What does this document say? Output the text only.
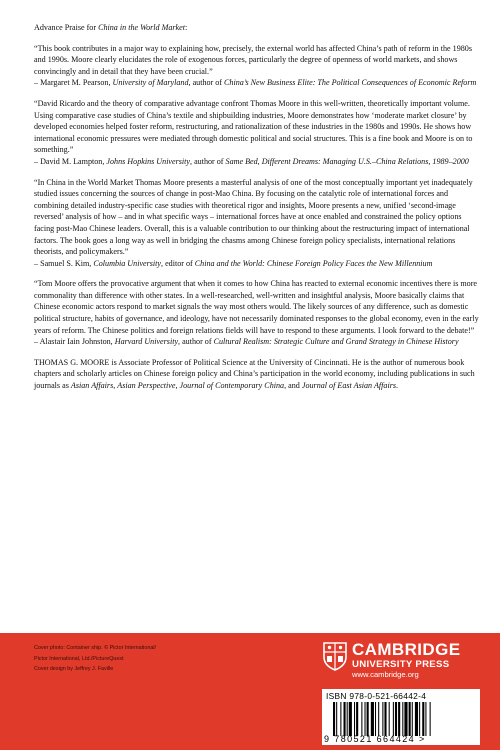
Advance Praise for China in the World Market:
“This book contributes in a major way to explaining how, precisely, the external world has affected China’s path of reform in the 1980s and 1990s. Moore clearly elucidates the role of exogenous forces, particularly the degree of openness of world markets, and shows convincingly and in detail that they have been crucial.”
– Margaret M. Pearson, University of Maryland, author of China’s New Business Elite: The Political Consequences of Economic Reform
“David Ricardo and the theory of comparative advantage confront Thomas Moore in this well-written, theoretically important volume. Using comparative case studies of China’s textile and shipbuilding industries, Moore demonstrates how ‘moderate market closure’ by developed economies helped foster reform, restructuring, and rationalization of these industries in the 1980s and 1990s. He shows how international economic pressures were mediated through domestic political and social structures. This is a fine book and Moore is on to something.”
– David M. Lampton, Johns Hopkins University, author of Same Bed, Different Dreams: Managing U.S.–China Relations, 1989–2000
“In China in the World Market Thomas Moore presents a masterful analysis of one of the most conceptually important yet inadequately studied issues concerning the sources of change in post-Mao China. By focusing on the catalytic role of international forces and combining detailed industry-specific case studies with theoretical rigor and insights, Moore presents a new, unified ‘second-image reversed’ analysis of how – and in what specific ways – international forces have at once enabled and constrained the policy options facing post-Mao Chinese leaders. Overall, this is a valuable contribution to our thinking about the restructuring impact of international factors. The book goes a long way as well in bridging the chasms among Chinese foreign policy specialists, international relations theorists, and policymakers.”
– Samuel S. Kim, Columbia University, editor of China and the World: Chinese Foreign Policy Faces the New Millennium
“Tom Moore offers the provocative argument that when it comes to how China has reacted to external economic incentives there is more commonality than difference with other states. In a well-researched, well-written and insightful analysis, Moore basically claims that Chinese economic actors respond to market signals the way most others would. The likely sources of any difference, such as domestic political structure, habits of governance, and ideology, have not necessarily dominated responses to the global economy, even in the early years of reform. The Chinese politics and foreign relations fields will have to respond to these arguments. I look forward to the debate!”
– Alastair Iain Johnston, Harvard University, author of Cultural Realism: Strategic Culture and Grand Strategy in Chinese History
THOMAS G. MOORE is Associate Professor of Political Science at the University of Cincinnati. He is the author of numerous book chapters and scholarly articles on Chinese foreign policy and China’s participation in the world economy, including publications in such journals as Asian Affairs, Asian Perspective, Journal of Contemporary China, and Journal of East Asian Affairs.
Cover photo: Container ship. © Pictor International/
Pictor International, Ltd./PictureQuest
Cover design by Jeffrey J. Faville
CAMBRIDGE
UNIVERSITY PRESS
www.cambridge.org
ISBN 978-0-521-66442-4
9 780521 664424 >
